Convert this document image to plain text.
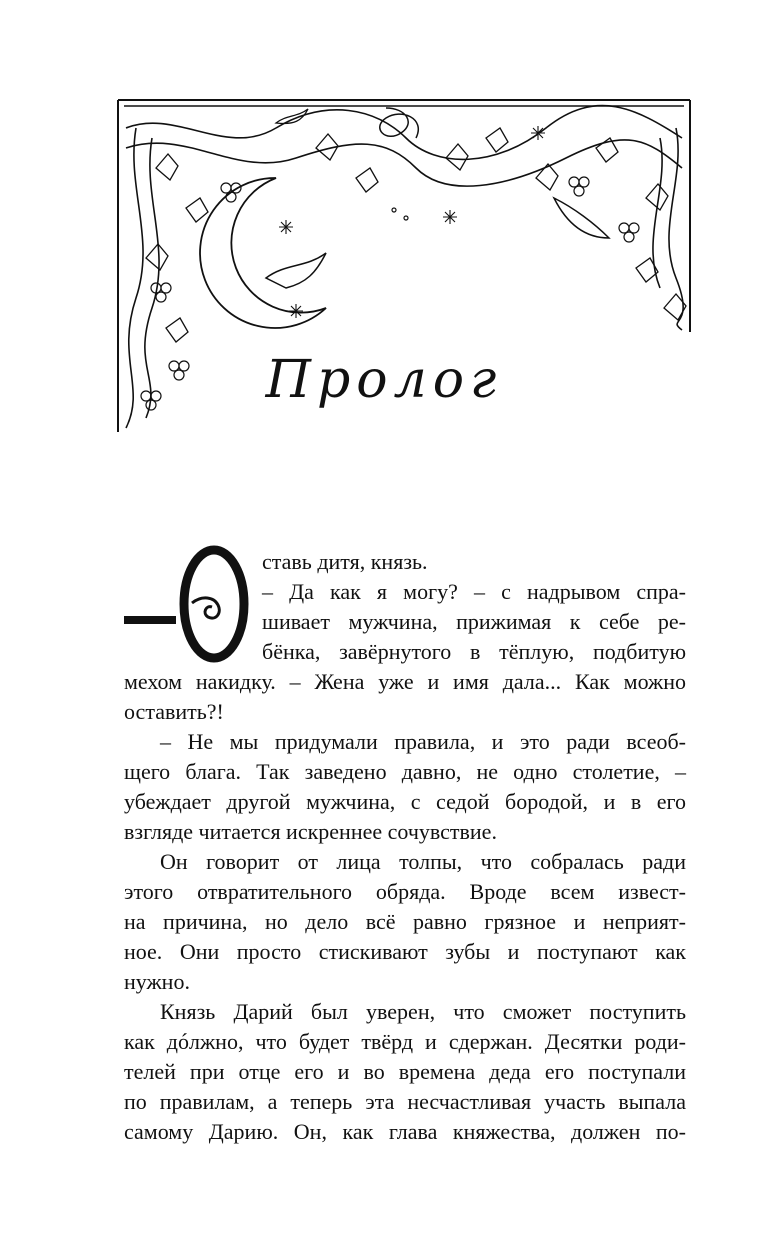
Пролог
ставь дитя, князь.
– Да как я могу? – с надрывом спра-
шивает мужчина, прижимая к себе ре-
бёнка, завёрнутого в тёплую, подбитую
мехом накидку. – Жена уже и имя дала... Как можно
оставить?!
– Не мы придумали правила, и это ради всеоб-
щего блага. Так заведено давно, не одно столетие, –
убеждает другой мужчина, с седой бородой, и в его
взгляде читается искреннее сочувствие.
Он говорит от лица толпы, что собралась ради
этого отвратительного обряда. Вроде всем извест-
на причина, но дело всё равно грязное и неприят-
ное. Они просто стискивают зубы и поступают как
нужно.
Князь Дарий был уверен, что сможет поступить
как дóлжно, что будет твёрд и сдержан. Десятки роди-
телей при отце его и во времена деда его поступали
по правилам, а теперь эта несчастливая участь выпала
самому Дарию. Он, как глава княжества, должен по-
